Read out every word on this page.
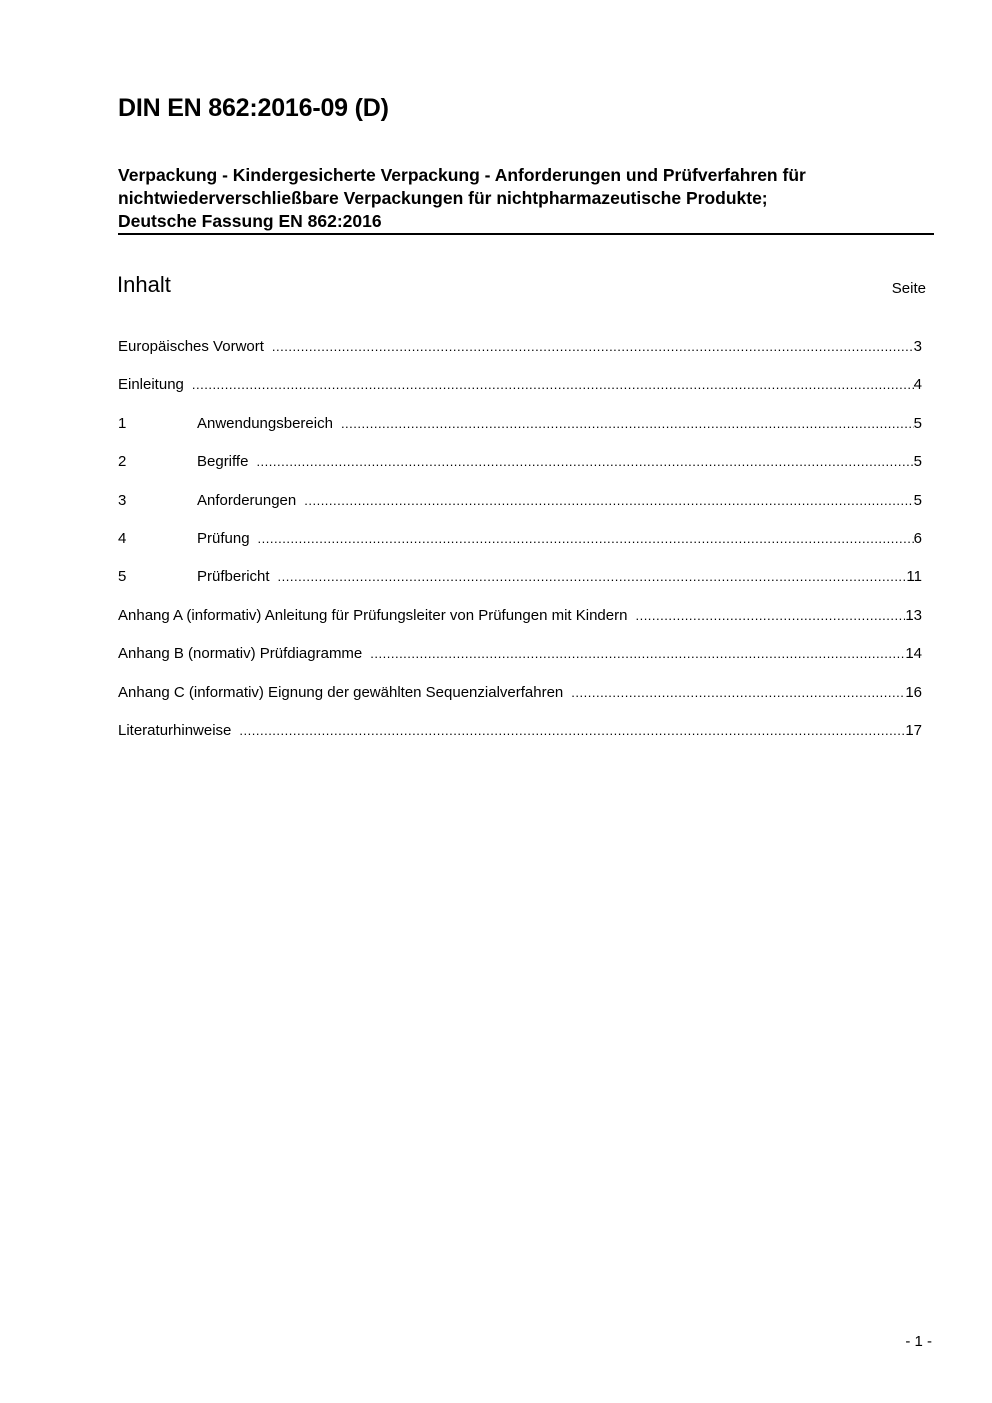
DIN EN 862:2016-09 (D)
Verpackung - Kindergesicherte Verpackung - Anforderungen und Prüfverfahren für
nichtwiederverschließbare Verpackungen für nichtpharmazeutische Produkte;
Deutsche Fassung EN 862:2016
Inhalt	Seite
Europäisches Vorwort .....	3
Einleitung .....	4
1	Anwendungsbereich .....	5
2	Begriffe .....	5
3	Anforderungen .....	5
4	Prüfung .....	6
5	Prüfbericht .....	11
Anhang A (informativ) Anleitung für Prüfungsleiter von Prüfungen mit Kindern .....	13
Anhang B (normativ) Prüfdiagramme .....	14
Anhang C (informativ) Eignung der gewählten Sequenzialverfahren .....	16
Literaturhinweise .....	17
- 1 -
